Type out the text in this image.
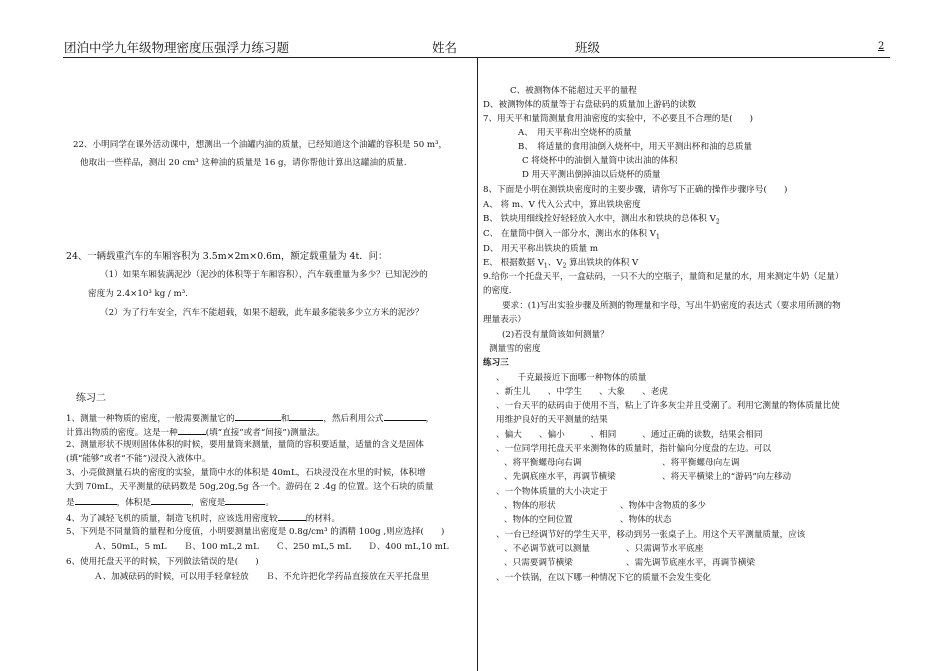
团泊中学九年级物理密度压强浮力练习题	姓名	班级	2
22、小明同学在课外活动课中，想测出一个油罐内油的质量，已经知道这个油罐的容积是 50 m³，
他取出一些样品，测出 20 cm³ 这种油的质量是 16 g，请你帮他计算出这罐油的质量.
24、一辆载重汽车的车厢容积为 3.5m×2m×0.6m，额定载重量为 4t．问：
（1）如果车厢装满泥沙（泥沙的体积等于车厢容积），汽车载重量为多少？已知泥沙的
密度为 2.4×10³ kg / m³.
（2）为了行车安全，汽车不能超载，如果不超载，此车最多能装多少立方米的泥沙？
练习二
1、测量一种物质的密度，一般需要测量它的	和	，然后利用公式	，
计算出物质的密度。这是一种	(填“直接”或者“间接”)测量法。
2、测量形状不规则固体体积的时候，要用量筒来测量，量筒的容积要适量，适量的含义是固体
(填“能够”或者“不能”)浸没入液体中。
3、小亮做测量石块的密度的实验，量筒中水的体积是 40mL，石块浸没在水里的时候，体积增
大到 70mL，天平测量的砝码数是 50g,20g,5g 各一个。游码在 2 .4g 的位置。这个石块的质量
是	，体积是	，密度是	。
4、为了减轻飞机的质量，制造飞机时，应该选用密度较	的材料。
5、下列是不同量筒的量程和分度值，小明要测量出密度是 0.8g/cm³ 的酒精 100g ,则应选择(　　)
Ａ、50mL，5 mL　　Ｂ、100 mL,2 mL　　Ｃ、250 mL,5 mL　　Ｄ、400 mL,10 mL
6、使用托盘天平的时候，下列做法错误的是(　　)
Ａ、加减砝码的时候，可以用手轻拿轻放　　Ｂ、不允许把化学药品直接放在天平托盘里
C、被测物体不能超过天平的量程
D、被测物体的质量等于右盘砝码的质量加上游码的读数
7、用天平和量筒测量食用油密度的实验中，不必要且不合理的是(　　)
A、　用天平称出空烧杯的质量
B、　将适量的食用油倒入烧杯中，用天平测出杯和油的总质量
C 将烧杯中的油倒入量筒中读出油的体积
D 用天平测出倒掉油以后烧杯的质量
8、下面是小明在测铁块密度时的主要步骤，请你写下正确的操作步骤序号(　　)
A、 将 m、V 代入公式中，算出铁块密度
B、 铁块用细线拴好轻轻放入水中，测出水和铁块的总体积 $V_2$
C、 在量筒中倒入一部分水，测出水的体积 $V_1$
D、 用天平称出铁块的质量 m
E、 根据数据 $V_1$、$V_2$ 算出铁块的体积 V
9.给你一个托盘天平，一盒砝码，一只不大的空瓶子，量筒和足量的水，用来测定牛奶（足量）
的密度.
要求：(1)写出实验步骤及所测的物理量和字母，写出牛奶密度的表达式（要求用所测的物
理量表示）
(2)若没有量筒该如何测量？
测量雪的密度
练习三
、　　千克最接近下面哪一种物体的质量
、新生儿　　、中学生　　、大象　　、老虎
、一台天平的砝码由于使用不当，粘上了许多灰尘并且受潮了。利用它测量的物体质量比使
用维护良好的天平测量的结果
、偏大　　、偏小　　　、相同　　　、通过正确的读数，结果会相同
、一位同学用托盘天平来测物体的质量时，指针偏向分度盘的左边。可以
、将平衡螺母向右调	、将平衡螺母向左调
、先调底座水平，再调节横梁	、将天平横梁上的“游码”向左移动
、一个物体质量的大小决定于
、物体的形状	、物体中含物质的多少
、物体的空间位置	、物体的状态
、一台已经调节好的学生天平，移动到另一张桌子上。用这个天平测量质量，应该
、不必调节就可以测量	、只需调节水平底座
、只需要调节横梁	、需先调节底座水平，再调节横梁
、一个铁锅，在以下哪一种情况下它的质量不会发生变化
